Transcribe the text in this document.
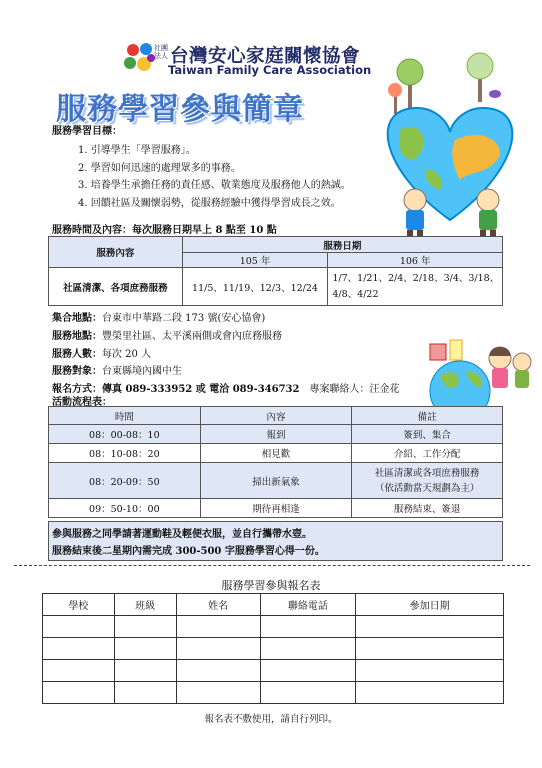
社團法人 台灣安心家庭關懷協會
Taiwan Family Care Association
服務學習參與簡章
服務學習目標：
1. 引導學生「學習服務」。
2. 學習如何迅速的處理眾多的事務。
3. 培養學生承擔任務的責任感、敬業態度及服務他人的熱誠。
4. 回饋社區及關懷弱勢，從服務經驗中獲得學習成長之效。
服務時間及內容：每次服務日期早上 8 點至 10 點
服務內容	服務日期	
	105 年	106 年
社區清潔、各項庶務服務	11/5、11/19、12/3、12/24	1/7、1/21、2/4、2/18、3/4、3/18、
4/8、4/22
集合地點：台東市中華路二段 173 號(安心協會)
服務地點：豐榮里社區、太平溪兩側或會內庶務服務
服務人數：每次 20 人
服務對象：台東縣境內國中生
報名方式：傳真 089-333952 或 電洽 089-346732 專案聯絡人：汪金花
活動流程表：
時間	內容	備註
08：00-08：10	報到	簽到、集合
08：10-08：20	相見歡	介紹、工作分配
08：20-09：50	掃出新氣象	社區清潔或各項庶務服務
（依活動當天規劃為主）

09：50-10：00	期待再相逢	服務結束、簽退
參與服務之同學請著運動鞋及輕便衣服，並自行攜帶水壺。
服務結束後二星期內需完成 300-500 字服務學習心得一份。
服務學習參與報名表
學校	班級	姓名	聯絡電話	參加日期

報名表不敷使用，請自行列印。
